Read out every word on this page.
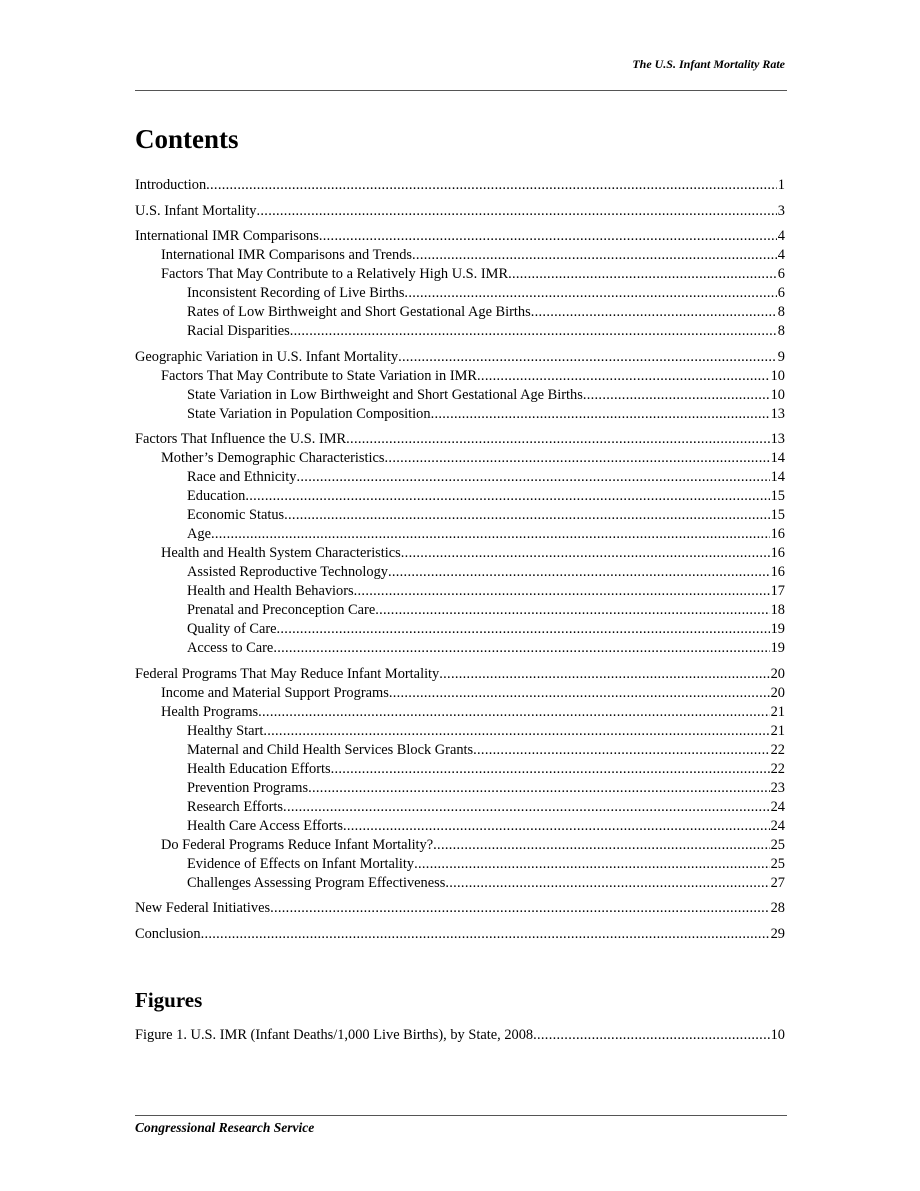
The U.S. Infant Mortality Rate
Contents
Introduction .....	1
U.S. Infant Mortality .....	3
International IMR Comparisons .....	4
International IMR Comparisons and Trends .....	4
Factors That May Contribute to a Relatively High U.S. IMR .....	6
Inconsistent Recording of Live Births .....	6
Rates of Low Birthweight and Short Gestational Age Births .....	8
Racial Disparities .....	8
Geographic Variation in U.S. Infant Mortality .....	9
Factors That May Contribute to State Variation in IMR .....	10
State Variation in Low Birthweight and Short Gestational Age Births .....	10
State Variation in Population Composition .....	13
Factors That Influence the U.S. IMR .....	13
Mother’s Demographic Characteristics .....	14
Race and Ethnicity .....	14
Education .....	15
Economic Status .....	15
Age .....	16
Health and Health System Characteristics .....	16
Assisted Reproductive Technology .....	16
Health and Health Behaviors .....	17
Prenatal and Preconception Care .....	18
Quality of Care .....	19
Access to Care .....	19
Federal Programs That May Reduce Infant Mortality .....	20
Income and Material Support Programs .....	20
Health Programs .....	21
Healthy Start .....	21
Maternal and Child Health Services Block Grants .....	22
Health Education Efforts .....	22
Prevention Programs .....	23
Research Efforts .....	24
Health Care Access Efforts .....	24
Do Federal Programs Reduce Infant Mortality? .....	25
Evidence of Effects on Infant Mortality .....	25
Challenges Assessing Program Effectiveness .....	27
New Federal Initiatives .....	28
Conclusion .....	29
Figures
Figure 1. U.S. IMR (Infant Deaths/1,000 Live Births), by State, 2008 .....	10
Congressional Research Service
